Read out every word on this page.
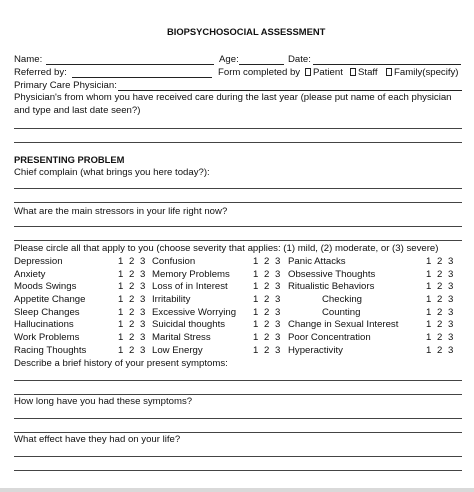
BIOPSYCHOSOCIAL ASSESSMENT
Name:	Age:	Date:
Referred by:	Form completed by	Patient	Staff	Family(specify)
Primary Care Physician:
Physician's from whom you have received care during the last year (please put name of each physician
and type and last date seen?)
PRESENTING PROBLEM
Chief complain (what brings you here today?):
What are the main stressors in your life right now?
Please circle all that apply to you (choose severity that applies: (1) mild, (2) moderate, or (3) severe)
Depression	1 2 3 Confusion	1 2 3 Panic Attacks	1 2 3
Anxiety	1 2 3 Memory Problems 1 2 3 Obsessive Thoughts	1 2 3
Moods Swings	1 2 3 Loss of in Interest	1 2 3 Ritualistic Behaviors	1 2 3
Appetite Change	1 2 3 Irritability	1 2 3	Checking	1 2 3
Sleep Changes	1 2 3 Excessive Worrying 1 2 3	Counting	1 2 3
Hallucinations	1 2 3 Suicidal thoughts	1 2 3 Change in Sexual Interest	1 2 3
Work Problems	1 2 3 Marital Stress	1 2 3 Poor Concentration	1 2 3
Racing Thoughts	1 2 3 Low Energy	1 2 3 Hyperactivity	1 2 3
Describe a brief history of your present symptoms:
How long have you had these symptoms?
What effect have they had on your life?
